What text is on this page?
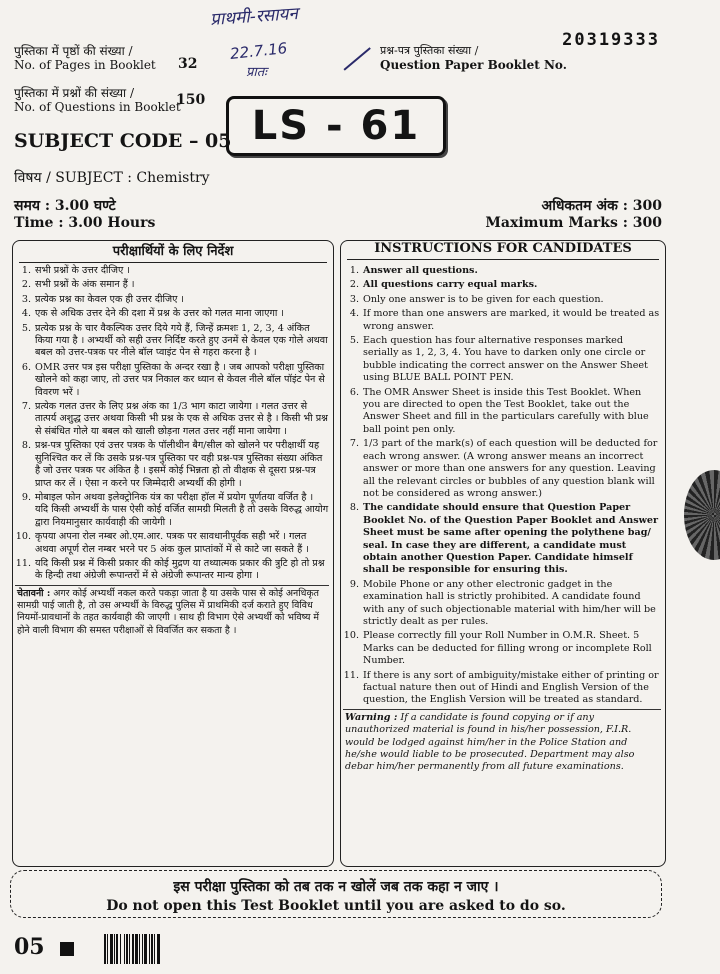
प्राथमी-रसायन
22.7.16
प्रातः
20319333
प्रश्न-पत्र पुस्तिका संख्या /
Question Paper Booklet No.
पुस्तिका में पृष्ठों की संख्या /
No. of Pages in Booklet 32
पुस्तिका में प्रश्नों की संख्या /
No. of Questions in Booklet
150
LS - 61
SUBJECT CODE – 05
विषय / SUBJECT : Chemistry
समय : 3.00 घण्टे
Time : 3.00 Hours
अधिकतम अंक : 300
Maximum Marks : 300
परीक्षार्थियों के लिए निर्देश
1. सभी प्रश्नों के उत्तर दीजिए ।
2. सभी प्रश्नों के अंक समान हैं ।
3. प्रत्येक प्रश्न का केवल एक ही उत्तर दीजिए ।
4. एक से अधिक उत्तर देने की दशा में प्रश्न के उत्तर को गलत माना जाएगा ।
5. प्रत्येक प्रश्न के चार वैकल्पिक उत्तर दिये गये हैं, जिन्हें क्रमशः 1, 2, 3, 4 अंकित किया गया है । अभ्यर्थी को सही उत्तर निर्दिष्ट करते हुए उनमें से केवल एक गोले अथवा बबल को उत्तर-पत्रक पर नीले बॉल प्वाइंट पेन से गहरा करना है ।
6. OMR उत्तर पत्र इस परीक्षा पुस्तिका के अन्दर रखा है । जब आपको परीक्षा पुस्तिका खोलने को कहा जाए, तो उत्तर पत्र निकाल कर ध्यान से केवल नीले बॉल पॉइंट पेन से विवरण भरें ।
7. प्रत्येक गलत उत्तर के लिए प्रश्न अंक का 1/3 भाग काटा जायेगा । गलत उत्तर से तात्पर्य अशुद्ध उत्तर अथवा किसी भी प्रश्न के एक से अधिक उत्तर से है । किसी भी प्रश्न से संबंधित गोले या बबल को खाली छोड़ना गलत उत्तर नहीं माना जायेगा ।
8. प्रश्न-पत्र पुस्तिका एवं उत्तर पत्रक के पॉलीथीन बैग/सील को खोलने पर परीक्षार्थी यह सुनिश्चित कर लें कि उसके प्रश्न-पत्र पुस्तिका पर वही प्रश्न-पत्र पुस्तिका संख्या अंकित है जो उत्तर पत्रक पर अंकित है । इसमें कोई भिन्नता हो तो वीक्षक से दूसरा प्रश्न-पत्र प्राप्त कर लें । ऐसा न करने पर जिम्मेदारी अभ्यर्थी की होगी ।
9. मोबाइल फोन अथवा इलेक्ट्रोनिक यंत्र का परीक्षा हॉल में प्रयोग पूर्णतया वर्जित है । यदि किसी अभ्यर्थी के पास ऐसी कोई वर्जित सामग्री मिलती है तो उसके विरुद्ध आयोग द्वारा नियमानुसार कार्यवाही की जायेगी ।
10. कृपया अपना रोल नम्बर ओ.एम.आर. पत्रक पर सावधानीपूर्वक सही भरें । गलत अथवा अपूर्ण रोल नम्बर भरने पर 5 अंक कुल प्राप्तांकों में से काटे जा सकते हैं ।
11. यदि किसी प्रश्न में किसी प्रकार की कोई मुद्रण या तथ्यात्मक प्रकार की त्रुटि हो तो प्रश्न के हिन्दी तथा अंग्रेजी रूपान्तरों में से अंग्रेजी रूपान्तर मान्य होगा ।
चेतावनी : अगर कोई अभ्यर्थी नकल करते पकड़ा जाता है या उसके पास से कोई अनधिकृत सामग्री पाई जाती है, तो उस अभ्यर्थी के विरुद्ध पुलिस में प्राथमिकी दर्ज कराते हुए विविध नियमों-प्रावधानों के तहत कार्यवाही की जाएगी । साथ ही विभाग ऐसे अभ्यर्थी को भविष्य में होने वाली विभाग की समस्त परीक्षाओं से विवर्जित कर सकता है ।
INSTRUCTIONS FOR CANDIDATES
1. Answer all questions.
2. All questions carry equal marks.
3. Only one answer is to be given for each question.
4. If more than one answers are marked, it would be treated as wrong answer.
5. Each question has four alternative responses marked serially as 1, 2, 3, 4. You have to darken only one circle or bubble indicating the correct answer on the Answer Sheet using BLUE BALL POINT PEN.
6. The OMR Answer Sheet is inside this Test Booklet. When you are directed to open the Test Booklet, take out the Answer Sheet and fill in the particulars carefully with blue ball point pen only.
7. 1/3 part of the mark(s) of each question will be deducted for each wrong answer. (A wrong answer means an incorrect answer or more than one answers for any question. Leaving all the relevant circles or bubbles of any question blank will not be considered as wrong answer.)
8. The candidate should ensure that Question Paper Booklet No. of the Question Paper Booklet and Answer Sheet must be same after opening the polythene bag/ seal. In case they are different, a candidate must obtain another Question Paper. Candidate himself shall be responsible for ensuring this.
9. Mobile Phone or any other electronic gadget in the examination hall is strictly prohibited. A candidate found with any of such objectionable material with him/her will be strictly dealt as per rules.
10. Please correctly fill your Roll Number in O.M.R. Sheet. 5 Marks can be deducted for filling wrong or incomplete Roll Number.
11. If there is any sort of ambiguity/mistake either of printing or factual nature then out of Hindi and English Version of the question, the English Version will be treated as standard.
Warning : If a candidate is found copying or if any unauthorized material is found in his/her possession, F.I.R. would be lodged against him/her in the Police Station and he/she would liable to be prosecuted. Department may also debar him/her permanently from all future examinations.
इस परीक्षा पुस्तिका को तब तक न खोलें जब तक कहा न जाए ।
Do not open this Test Booklet until you are asked to do so.
05
